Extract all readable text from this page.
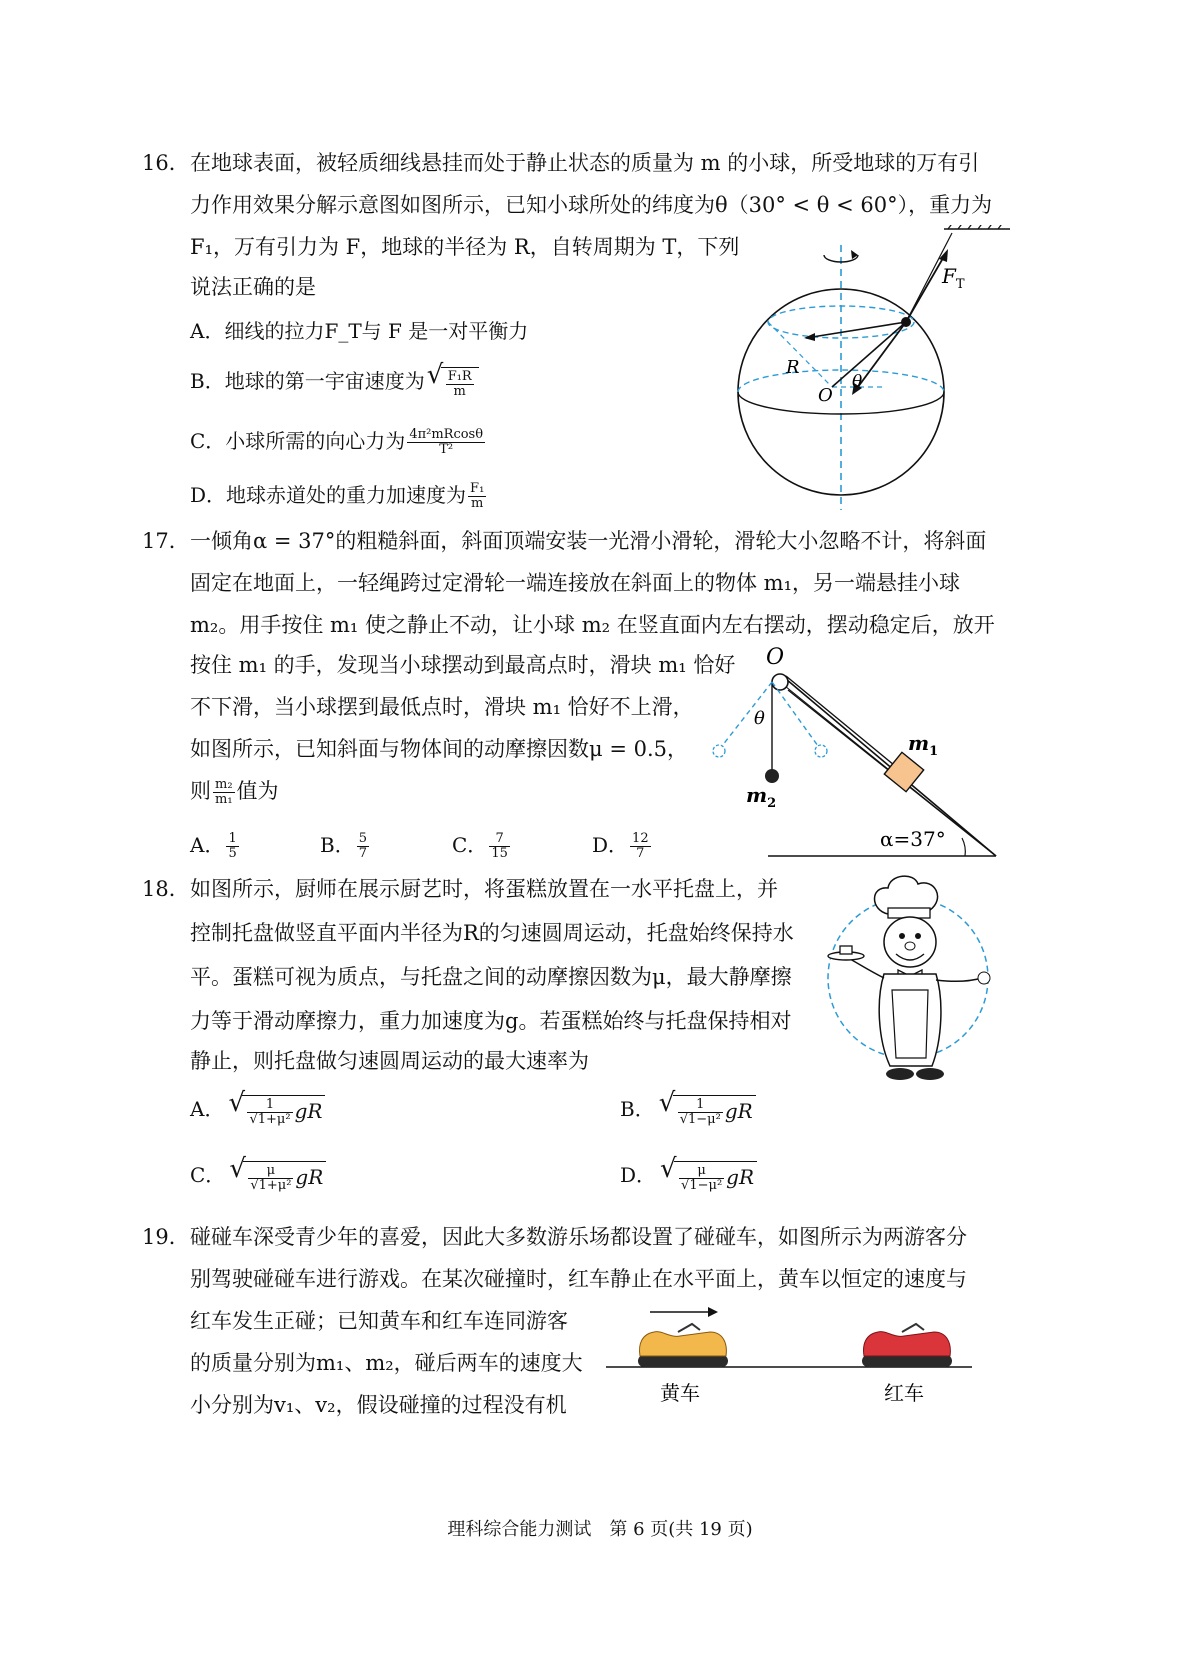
16． 在地球表面，被轻质细线悬挂而处于静止状态的质量为 m 的小球，所受地球的万有引
力作用效果分解示意图如图所示，已知小球所处的纬度为θ（30° < θ < 60°），重力为
F₁，万有引力为 F，地球的半径为 R，自转周期为 T，下列
说法正确的是
A．细线的拉力F_T与 F 是一对平衡力
B．地球的第一宇宙速度为 √ $\frac{\text{F₁R}}{m}$
C．小球所需的向心力为 $\frac{\text{4π²mRcosθ}}{\text{T²}}$
D．地球赤道处的重力加速度为 $\frac{\text{F₁}}{m}$
$F_T$
R
O
θ
17． 一倾角α = 37°的粗糙斜面，斜面顶端安装一光滑小滑轮，滑轮大小忽略不计，将斜面
固定在地面上，一轻绳跨过定滑轮一端连接放在斜面上的物体 m₁，另一端悬挂小球
m₂。用手按住 m₁ 使之静止不动，让小球 m₂ 在竖直面内左右摆动，摆动稳定后，放开
按住 m₁ 的手，发现当小球摆动到最高点时，滑块 m₁ 恰好
不下滑，当小球摆到最低点时，滑块 m₁ 恰好不上滑，
如图所示，已知斜面与物体间的动摩擦因数μ = 0.5，
则 $\frac{\text{m₂}}{\text{m₁}}$ 值为
A． $\frac{1}{5}$	B． $\frac{5}{7}$	C． $\frac{7}{15}$	D． $\frac{12}{7}$
O
θ
$m_1$
$m_2$
α=37°
18． 如图所示，厨师在展示厨艺时，将蛋糕放置在一水平托盘上，并
控制托盘做竖直平面内半径为R的匀速圆周运动，托盘始终保持水
平。蛋糕可视为质点，与托盘之间的动摩擦因数为μ，最大静摩擦
力等于滑动摩擦力，重力加速度为g。若蛋糕始终与托盘保持相对
静止，则托盘做匀速圆周运动的最大速率为
A． √ $\frac{1}{\text{√1+μ²}}$ gR	B． √ $\frac{1}{\text{√1−μ²}}$ gR
C． √ $\frac{\mu}{\text{√1+μ²}}$ gR	D． √ $\frac{\mu}{\text{√1−μ²}}$ gR
19． 碰碰车深受青少年的喜爱，因此大多数游乐场都设置了碰碰车，如图所示为两游客分
别驾驶碰碰车进行游戏。在某次碰撞时，红车静止在水平面上，黄车以恒定的速度与
红车发生正碰；已知黄车和红车连同游客
的质量分别为m₁、m₂，碰后两车的速度大
小分别为v₁、v₂，假设碰撞的过程没有机	黄车	红车
理科综合能力测试　第 6 页(共 19 页)
